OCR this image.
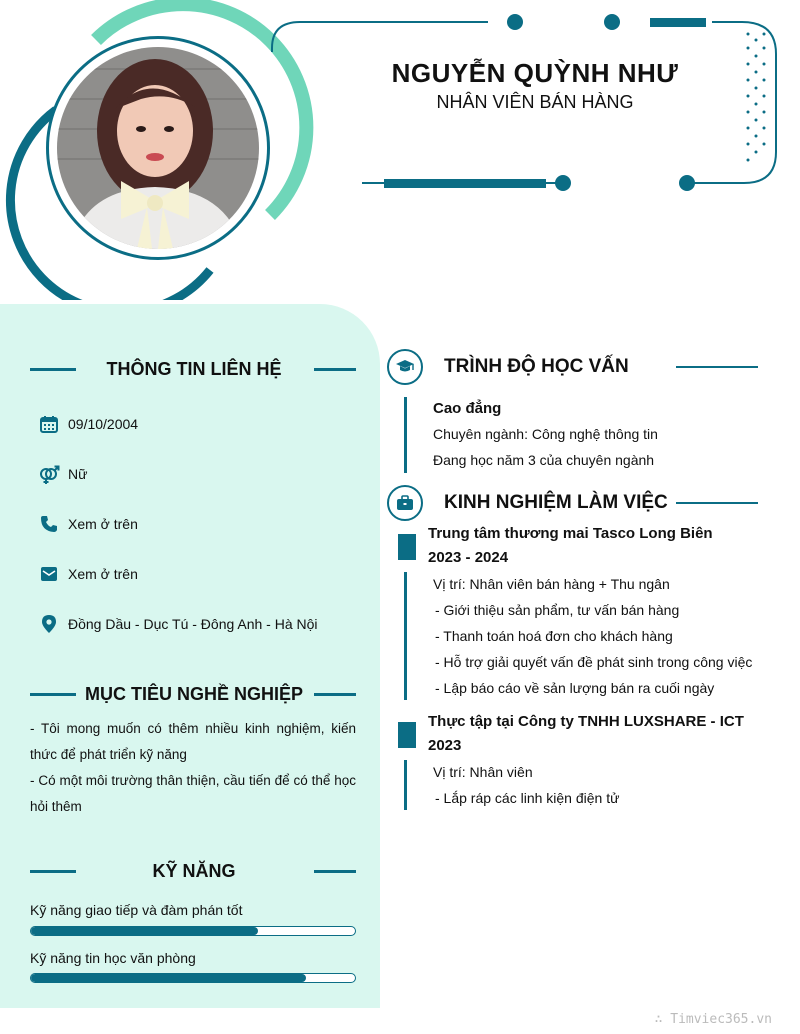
NGUYỄN QUỲNH NHƯ
NHÂN VIÊN BÁN HÀNG
THÔNG TIN LIÊN HỆ
09/10/2004
Nữ
Xem ở trên
Xem ở trên
Đồng Dầu - Dục Tú - Đông Anh - Hà Nội
MỤC TIÊU NGHỀ NGHIỆP
- Tôi mong muốn có thêm nhiều kinh nghiệm, kiến thức để phát triển kỹ năng
- Có một môi trường thân thiện, cầu tiến để có thể học hỏi thêm
KỸ NĂNG
Kỹ năng giao tiếp và đàm phán tốt
Kỹ năng tin học văn phòng
TRÌNH ĐỘ HỌC VẤN
Cao đẳng
Chuyên ngành: Công nghệ thông tin
Đang học năm 3 của chuyên ngành
KINH NGHIỆM LÀM VIỆC
Trung tâm thương mai Tasco Long Biên
2023 - 2024
Vị trí: Nhân viên bán hàng + Thu ngân
- Giới thiệu sản phẩm, tư vấn bán hàng
- Thanh toán hoá đơn cho khách hàng
- Hỗ trợ giải quyết vấn đề phát sinh trong công việc
- Lập báo cáo về sản lượng bán ra cuối ngày
Thực tập tại Công ty TNHH LUXSHARE - ICT
2023
Vị trí: Nhân viên
- Lắp ráp các linh kiện điện tử
∴ Timviec365.vn
